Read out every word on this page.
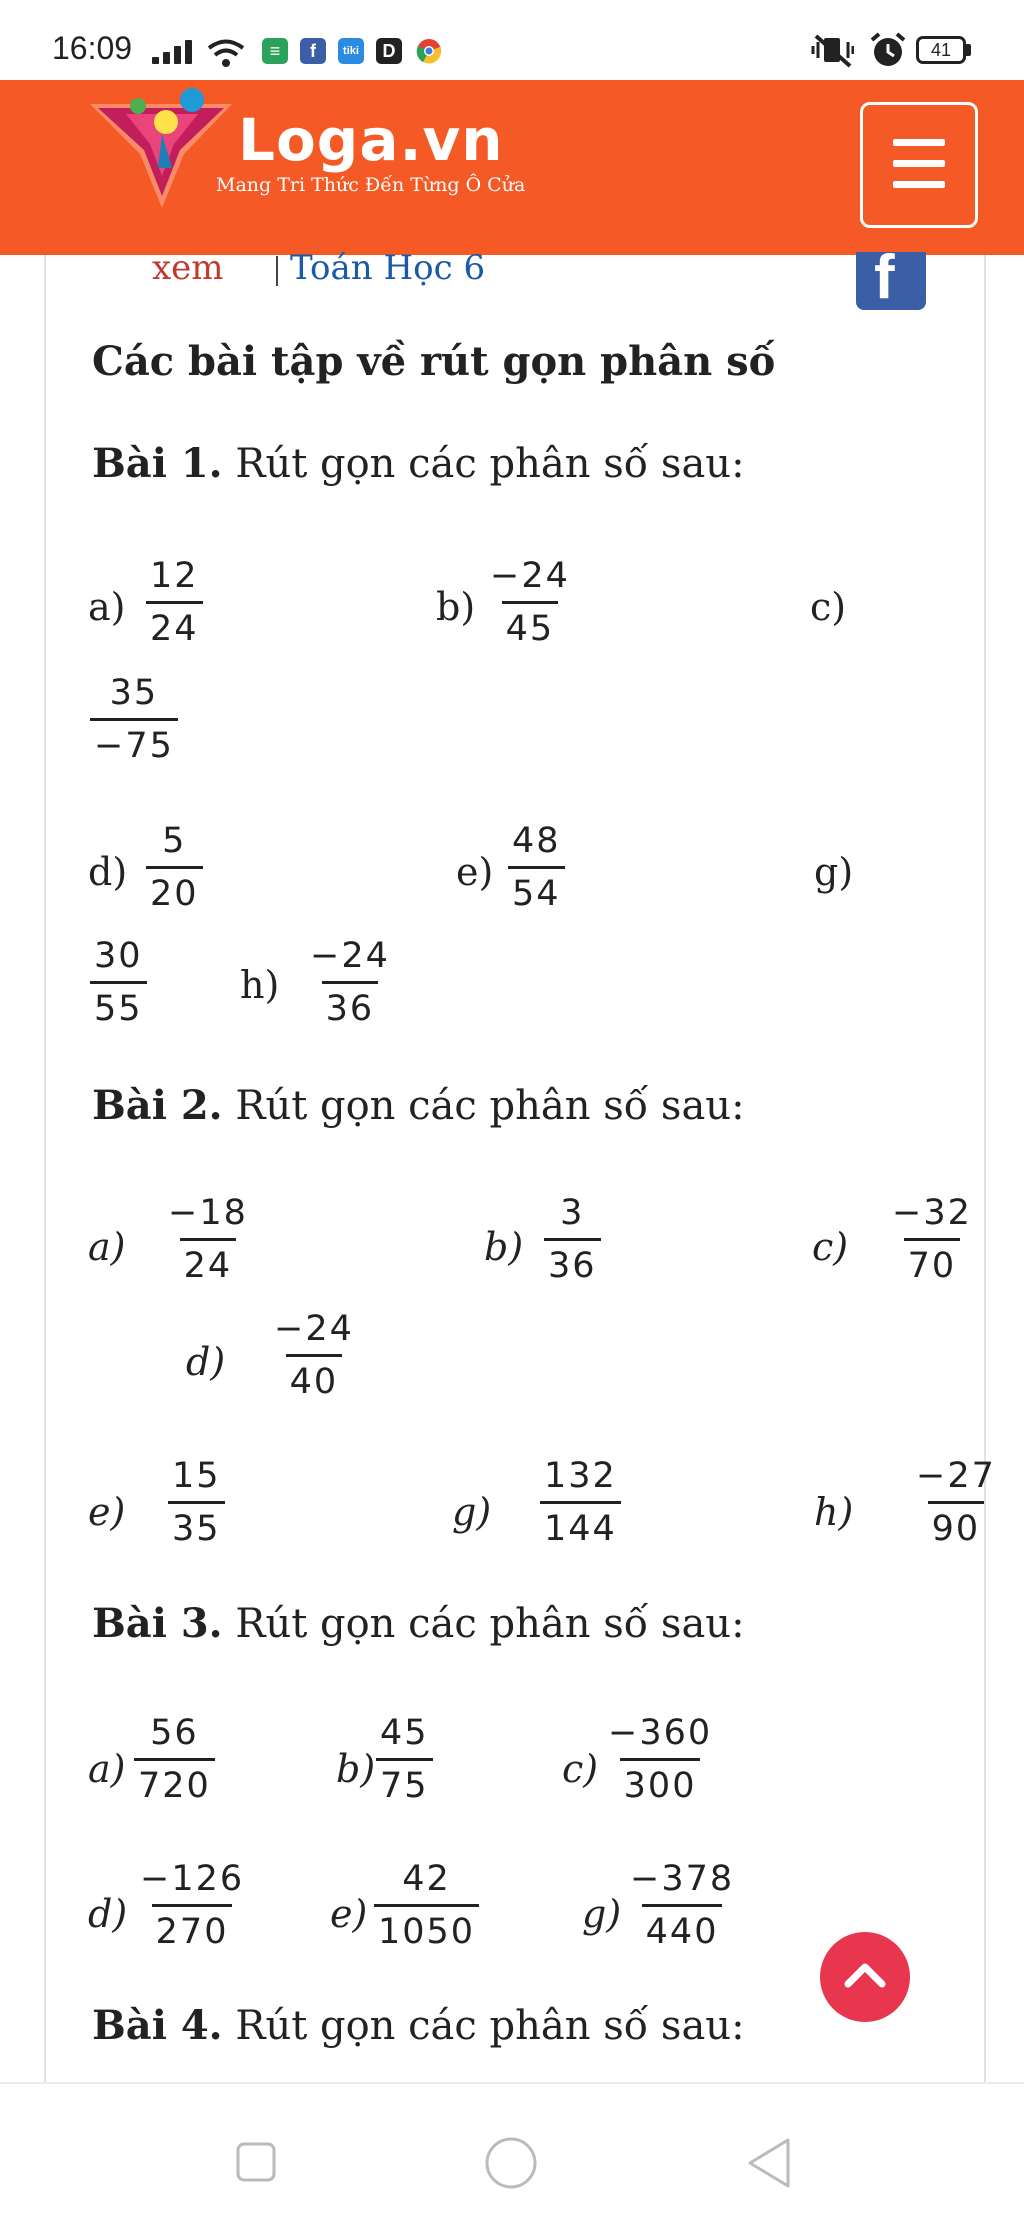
16:09	≡	f	tiki	D	41
Loga.vn
Mang Tri Thức Đến Từng Ô Cửa
xem Toán Học 6	f
Các bài tập về rút gọn phân số
Bài 1. Rút gọn các phân số sau:
Bài 2. Rút gọn các phân số sau:
Bài 3. Rút gọn các phân số sau:
Bài 4. Rút gọn các phân số sau:
$a) \frac{12}{24}$	$b) \frac{-24}{45}$	c)
$\frac{35}{-75}$
$d) \frac{5}{20}$	$e) \frac{48}{54}$	g)
$\frac{30}{55} h) \frac{-24}{36}$
$a) \frac{-18}{24}$	$b) \frac{3}{36}$	$c) \frac{-32}{70}$
$d) \frac{-24}{40}$
$e) \frac{15}{35}$	$g) \frac{132}{144}$	$h) \frac{-27}{90}$
$a) \frac{56}{720}$	$b) \frac{45}{75}$	$c) \frac{-360}{300}$
$d) \frac{-126}{270} e) \frac{42}{1050}$	$g) \frac{-378}{440}$
